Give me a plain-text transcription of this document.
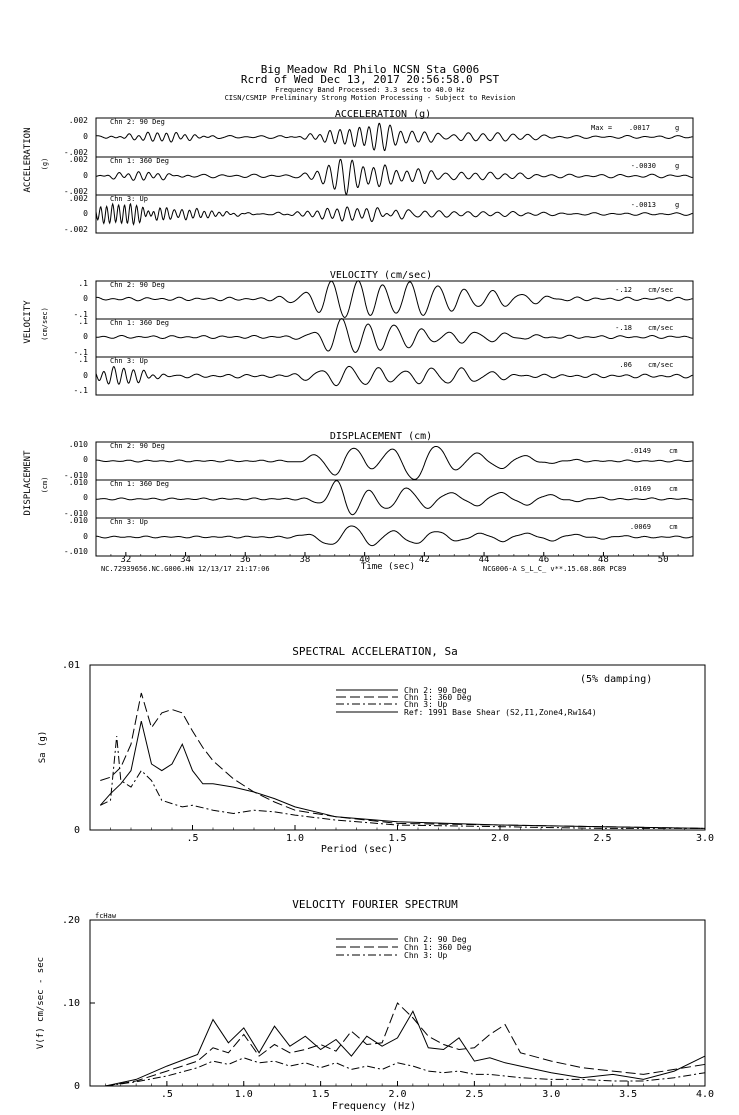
Big Meadow Rd Philo NCSN Sta G006
Rcrd of Wed Dec 13, 2017 20:56:58.0 PST
Frequency Band Processed: 3.3 secs to 40.0 Hz
CISN/CSMIP Preliminary Strong Motion Processing - Subject to Revision
ACCELERATION (g)
ACCELERATION (g)
.002
0
-.002
.002
0
-.002
.002
0
-.002
Chn 2: 90 Deg
Chn 1: 360 Deg
Chn 3: Up
Max = .0017	g
-.0030	g
-.0013	g
VELOCITY (cm/sec)
VELOCITY (cm/sec)
.1
0
-.1
.1
0
-.1
.1
0
-.1
Chn 2: 90 Deg
Chn 1: 360 Deg
Chn 3: Up
-.12 cm/sec
-.18 cm/sec
.06 cm/sec
DISPLACEMENT (cm)
DISPLACEMENT (cm)
.010
0
-.010
.010
0
-.010
.010
0
-.010
Chn 2: 90 Deg
Chn 1: 360 Deg
Chn 3: Up
.0149	cm
.0169	cm
.0069	cm
32	34	36	38	40	42	44	46	48	50
Time (sec)
NC.72939656.NC.G006.HN 12/13/17 21:17:06	NCG006-A S_L_C_ v**.15.68.86R PC89
SPECTRAL ACCELERATION, Sa
Sa (g)
Period (sec)
(5% damping)
.5	1.0	1.5	2.0	2.5	3.0
.01
0
Chn 2: 90 Deg
Chn 1: 360 Deg
Chn 3: Up
Ref: 1991 Base Shear (S2,I1,Zone4,Rw1&4)
VELOCITY FOURIER SPECTRUM
fcHaw
V(f) cm/sec - sec
Frequency (Hz)
.5	1.0	1.5	2.0	2.5	3.0	3.5	4.0
.20
.10
0
Chn 2: 90 Deg
Chn 1: 360 Deg
Chn 3: Up
